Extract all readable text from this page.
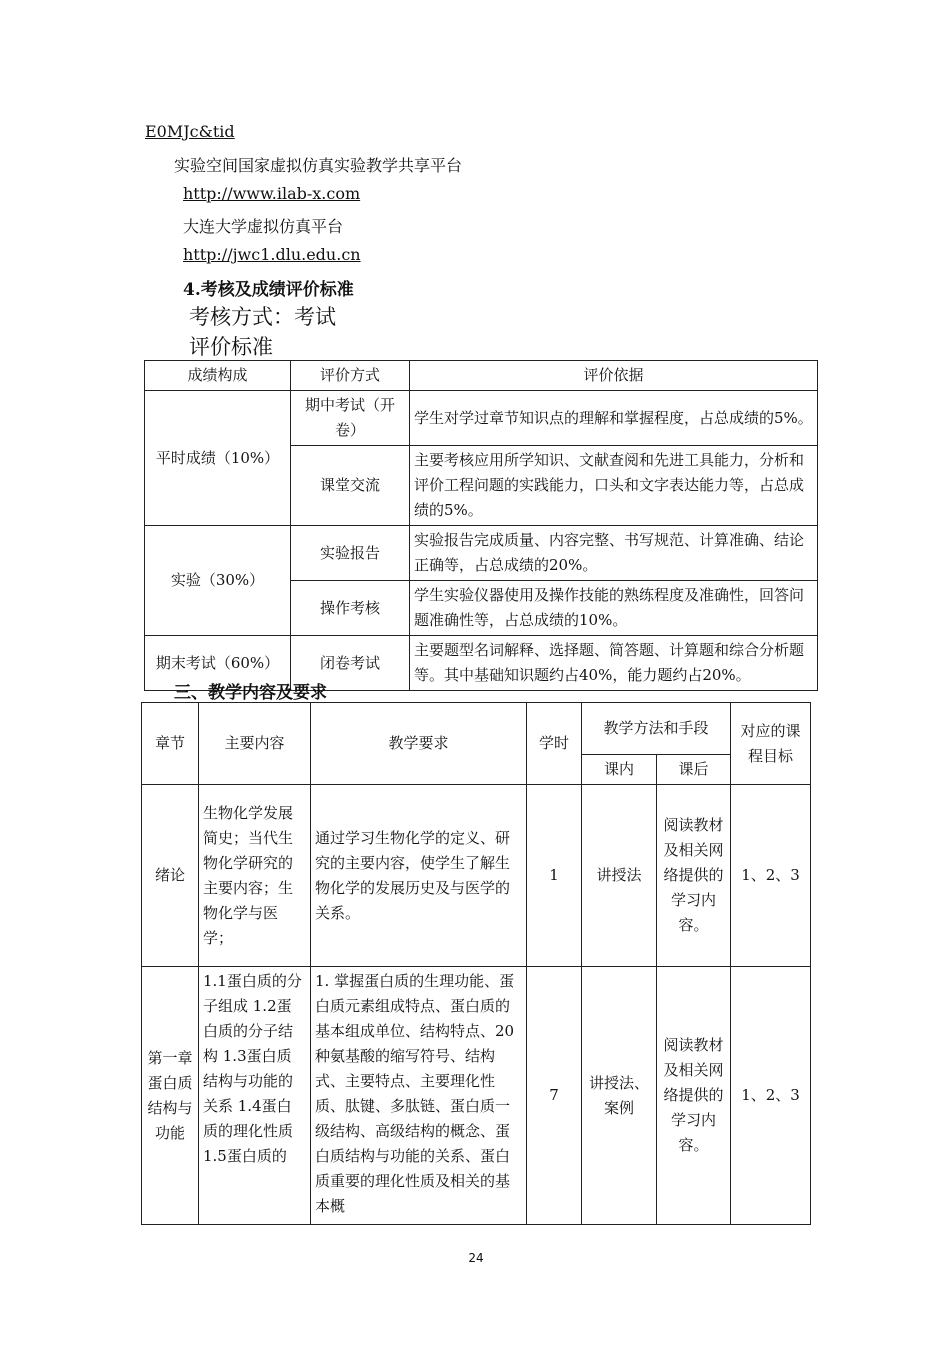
E0MJc&tid
实验空间国家虚拟仿真实验教学共享平台
http://www.ilab-x.com
大连大学虚拟仿真平台
http://jwc1.dlu.edu.cn
4.考核及成绩评价标准
考核方式：考试
评价标准
成绩构成	评价方式	评价依据
平时成绩（10%）	期中考试（开卷）	学生对学过章节知识点的理解和掌握程度，占总成绩的5%。
	课堂交流	主要考核应用所学知识、文献查阅和先进工具能力，分析和评价工程问题的实践能力，口头和文字表达能力等，占总成绩的5%。
实验（30%）	实验报告	实验报告完成质量、内容完整、书写规范、计算准确、结论正确等，占总成绩的20%。
	操作考核	学生实验仪器使用及操作技能的熟练程度及准确性，回答问题准确性等，占总成绩的10%。
期末考试（60%）	闭卷考试	主要题型名词解释、选择题、简答题、计算题和综合分析题等。其中基础知识题约占40%，能力题约占20%。
三、教学内容及要求
章节	主要内容	教学要求	学时	教学方法和手段		对应的课程目标
				课内	课后	
绪论	生物化学发展简史；当代生物化学研究的主要内容；生物化学与医学；	通过学习生物化学的定义、研究的主要内容，使学生了解生物化学的发展历史及与医学的关系。	1	讲授法	阅读教材及相关网络提供的学习内容。	1、2、3
第一章蛋白质结构与功能	1.1蛋白质的分子组成 1.2蛋白质的分子结构 1.3蛋白质结构与功能的关系 1.4蛋白质的理化性质 1.5蛋白质的	1. 掌握蛋白质的生理功能、蛋白质元素组成特点、蛋白质的基本组成单位、结构特点、20种氨基酸的缩写符号、结构式、主要特点、主要理化性质、肽键、多肽链、蛋白质一级结构、高级结构的概念、蛋白质结构与功能的关系、蛋白质重要的理化性质及相关的基本概	7	讲授法、案例	阅读教材及相关网络提供的学习内容。	1、2、3
24
